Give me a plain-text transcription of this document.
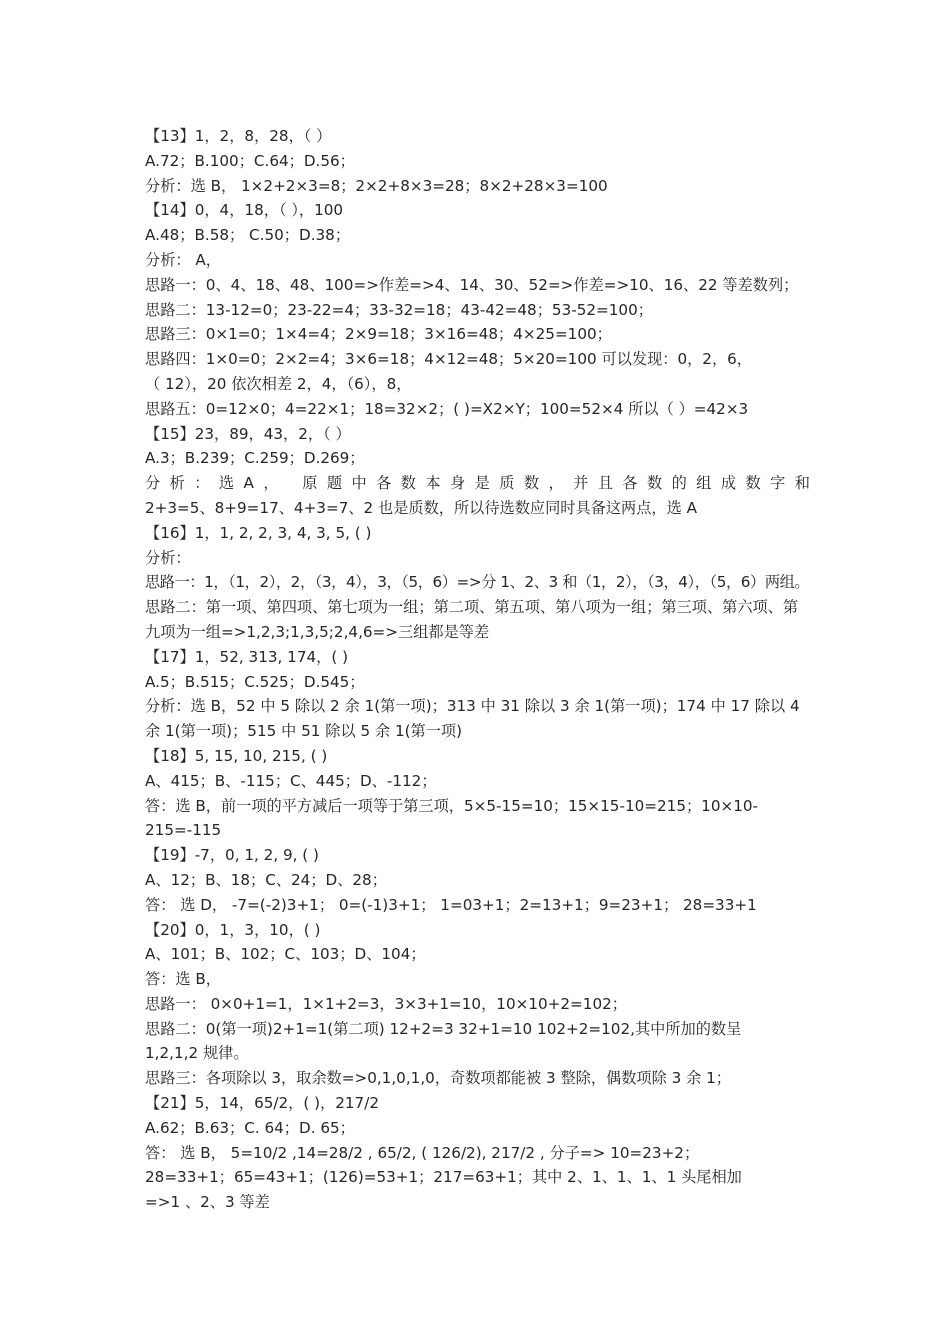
【13】1，2，8，28，（ ）
A.72；B.100；C.64；D.56；
分析：选 B， 1×2+2×3=8；2×2+8×3=28；8×2+28×3=100
【14】0，4，18，（ ），100
A.48；B.58； C.50；D.38；
分析： A，
思路一：0、4、18、48、100=>作差=>4、14、30、52=>作差=>10、16、22 等差数列；
思路二：13-12=0；23-22=4；33-32=18；43-42=48；53-52=100；
思路三：0×1=0；1×4=4；2×9=18；3×16=48；4×25=100；
思路四：1×0=0；2×2=4；3×6=18；4×12=48；5×20=100 可以发现：0，2，6，
（ 12），20 依次相差 2，4，（6），8，
思路五：0=12×0；4=22×1；18=32×2；( )=X2×Y；100=52×4 所以（ ）=42×3
【15】23，89，43，2，（ ）
A.3；B.239；C.259；D.269；
分析：选A， 原题中各数本身是质数，并且各数的组成数字和
2+3=5、8+9=17、4+3=7、2 也是质数，所以待选数应同时具备这两点，选 A
【16】1，1, 2, 2, 3, 4, 3, 5, ( )
分析：
思路一：1，（1，2），2，（3，4），3，（5，6）=>分 1、2、3 和（1，2），（3，4），（5，6）两组。
思路二：第一项、第四项、第七项为一组；第二项、第五项、第八项为一组；第三项、第六项、第
九项为一组=>1,2,3;1,3,5;2,4,6=>三组都是等差
【17】1，52, 313, 174，( )
A.5；B.515；C.525；D.545；
分析：选 B，52 中 5 除以 2 余 1(第一项)；313 中 31 除以 3 余 1(第一项)；174 中 17 除以 4
余 1(第一项)；515 中 51 除以 5 余 1(第一项)
【18】5, 15, 10, 215, ( )
A、415；B、-115；C、445；D、-112；
答：选 B，前一项的平方减后一项等于第三项，5×5-15=10；15×15-10=215；10×10-
215=-115
【19】-7，0, 1, 2, 9, ( )
A、12；B、18；C、24；D、28；
答： 选 D， -7=(-2)3+1； 0=(-1)3+1； 1=03+1；2=13+1；9=23+1； 28=33+1
【20】0，1，3，10，( )
A、101；B、102；C、103；D、104；
答：选 B，
思路一： 0×0+1=1，1×1+2=3，3×3+1=10，10×10+2=102；
思路二：0(第一项)2+1=1(第二项) 12+2=3 32+1=10 102+2=102,其中所加的数呈
1,2,1,2 规律。
思路三：各项除以 3，取余数=>0,1,0,1,0，奇数项都能被 3 整除，偶数项除 3 余 1；
【21】5，14，65/2，( )，217/2
A.62；B.63；C. 64；D. 65；
答： 选 B， 5=10/2 ,14=28/2 , 65/2, ( 126/2), 217/2 , 分子=> 10=23+2；
28=33+1；65=43+1；(126)=53+1；217=63+1；其中 2、1、1、1、1 头尾相加
=>1 、2、3 等差
